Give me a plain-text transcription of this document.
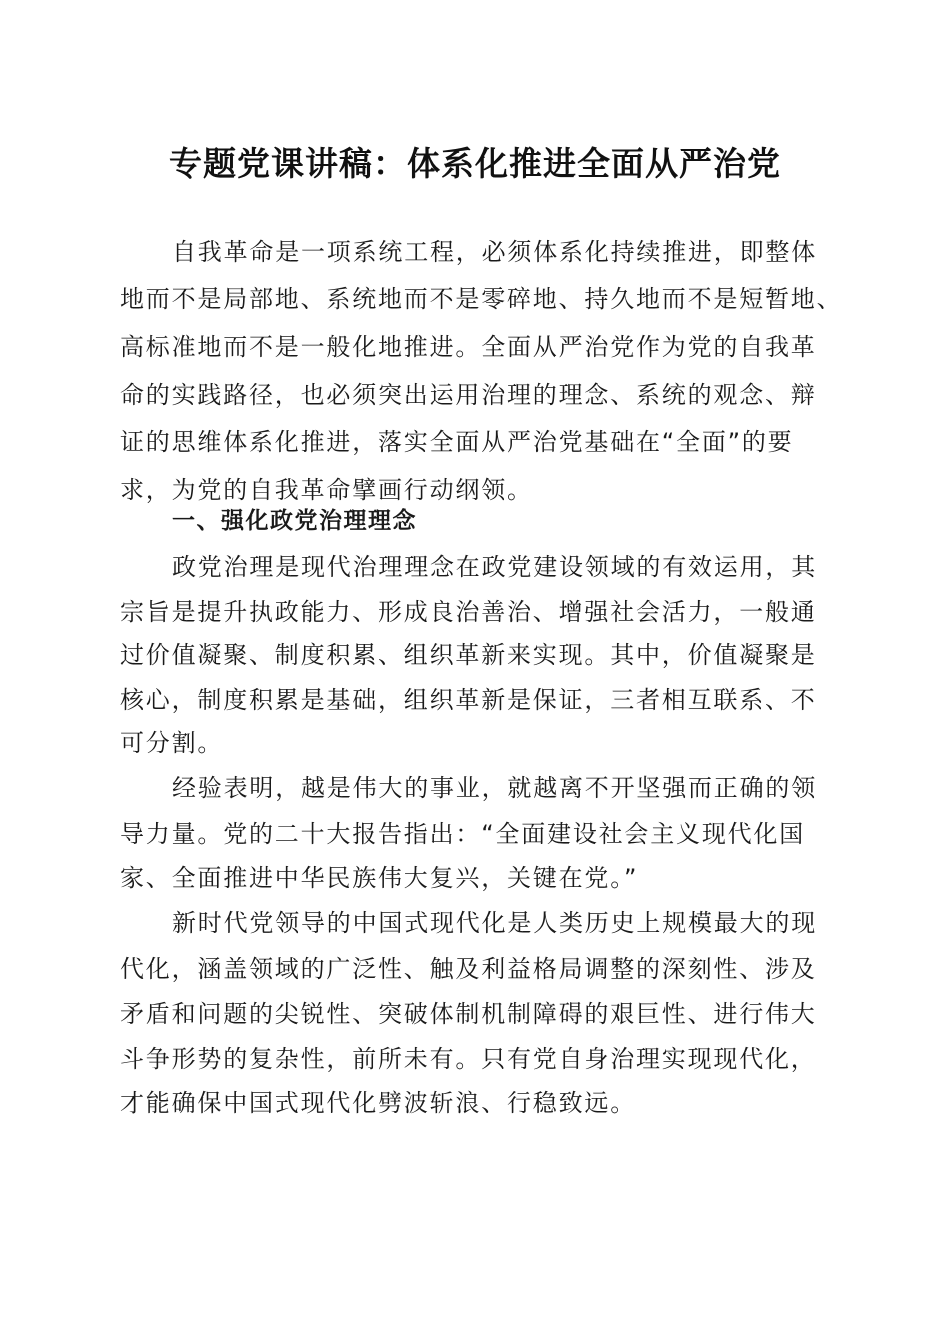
专题党课讲稿：体系化推进全面从严治党
自我革命是一项系统工程，必须体系化持续推进，即整体
地而不是局部地、系统地而不是零碎地、持久地而不是短暂地、
高标准地而不是一般化地推进。全面从严治党作为党的自我革
命的实践路径，也必须突出运用治理的理念、系统的观念、辩
证的思维体系化推进，落实全面从严治党基础在“全面”的要
求，为党的自我革命擘画行动纲领。
一、强化政党治理理念
政党治理是现代治理理念在政党建设领域的有效运用，其
宗旨是提升执政能力、形成良治善治、增强社会活力，一般通
过价值凝聚、制度积累、组织革新来实现。其中，价值凝聚是
核心，制度积累是基础，组织革新是保证，三者相互联系、不
可分割。
经验表明，越是伟大的事业，就越离不开坚强而正确的领
导力量。党的二十大报告指出：“全面建设社会主义现代化国
家、全面推进中华民族伟大复兴，关键在党。”
新时代党领导的中国式现代化是人类历史上规模最大的现
代化，涵盖领域的广泛性、触及利益格局调整的深刻性、涉及
矛盾和问题的尖锐性、突破体制机制障碍的艰巨性、进行伟大
斗争形势的复杂性，前所未有。只有党自身治理实现现代化，
才能确保中国式现代化劈波斩浪、行稳致远。
